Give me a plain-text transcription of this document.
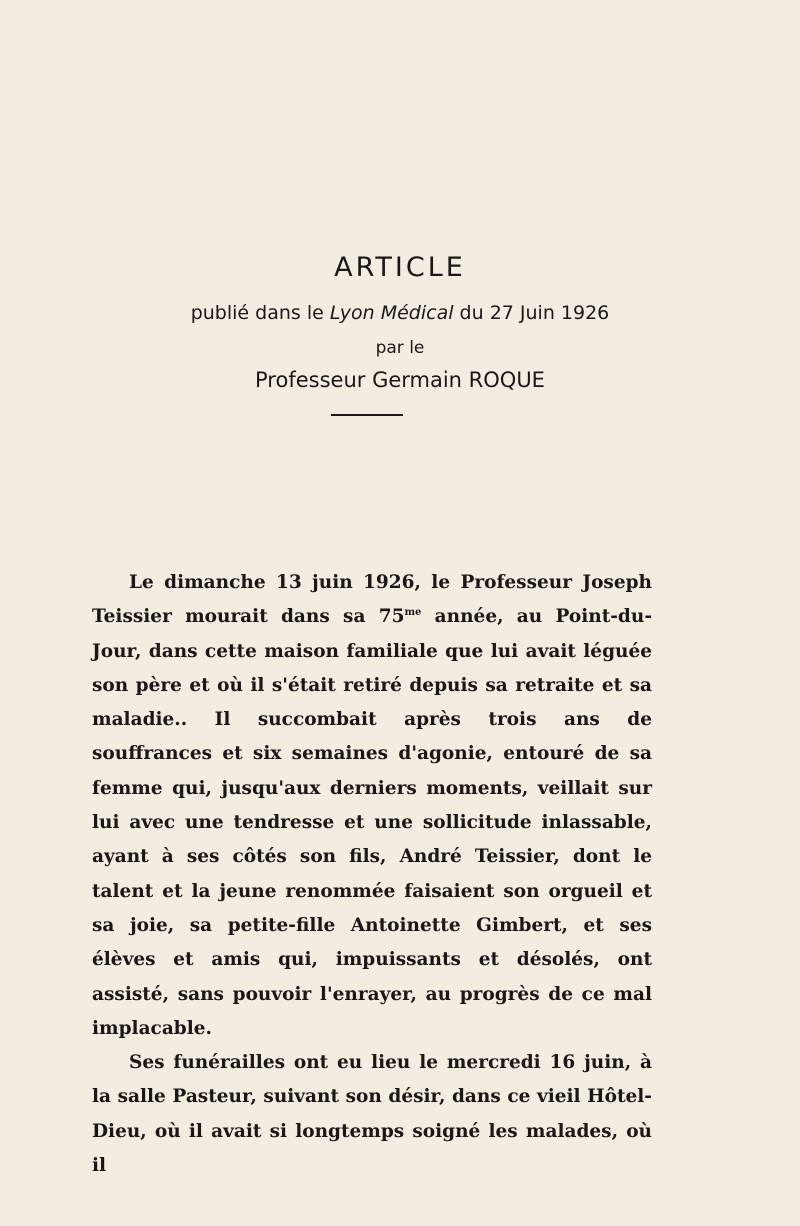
ARTICLE
publié dans le Lyon Médical du 27 Juin 1926
par le
Professeur Germain ROQUE

Le dimanche 13 juin 1926, le Professeur Joseph Teissier mourait dans sa $75^{me}$ année, au Point-du-Jour, dans cette maison familiale que lui avait léguée son père et où il s'était retiré depuis sa retraite et sa maladie.. Il succombait après trois ans de souffrances et six semaines d'agonie, entouré de sa femme qui, jusqu'aux derniers moments, veillait sur lui avec une tendresse et une sollicitude inlassable, ayant à ses côtés son fils, André Teissier, dont le talent et la jeune renommée faisaient son orgueil et sa joie, sa petite-fille Antoinette Gimbert, et ses élèves et amis qui, impuissants et désolés, ont assisté, sans pouvoir l'enrayer, au progrès de ce mal implacable.

Ses funérailles ont eu lieu le mercredi 16 juin, à la salle Pasteur, suivant son désir, dans ce vieil Hôtel-Dieu, où il avait si longtemps soigné les malades, où il
